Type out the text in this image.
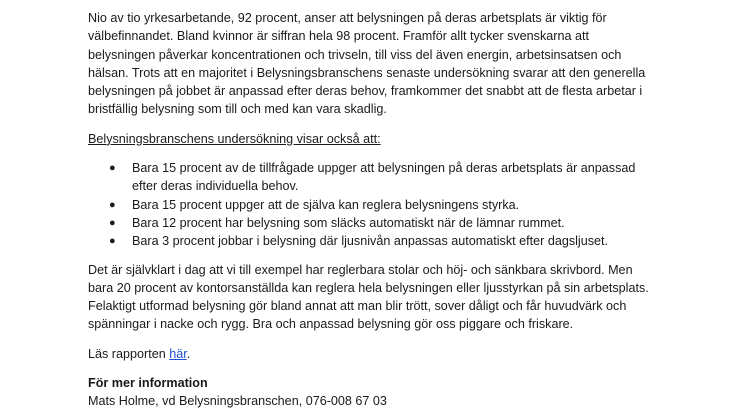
Nio av tio yrkesarbetande, 92 procent, anser att belysningen på deras arbetsplats är viktig för välbefinnandet. Bland kvinnor är siffran hela 98 procent. Framför allt tycker svenskarna att belysningen påverkar koncentrationen och trivseln, till viss del även energin, arbetsinsatsen och hälsan. Trots att en majoritet i Belysningsbranschens senaste undersökning svarar att den generella belysningen på jobbet är anpassad efter deras behov, framkommer det snabbt att de flesta arbetar i bristfällig belysning som till och med kan vara skadlig.

Belysningsbranschens undersökning visar också att:

● Bara 15 procent av de tillfrågade uppger att belysningen på deras arbetsplats är anpassad efter deras individuella behov.
● Bara 15 procent uppger att de själva kan reglera belysningens styrka.
● Bara 12 procent har belysning som släcks automatiskt när de lämnar rummet.
● Bara 3 procent jobbar i belysning där ljusnivån anpassas automatiskt efter dagsljuset.

Det är självklart i dag att vi till exempel har reglerbara stolar och höj- och sänkbara skrivbord. Men bara 20 procent av kontorsanställda kan reglera hela belysningen eller ljusstyrkan på sin arbetsplats. Felaktigt utformad belysning gör bland annat att man blir trött, sover dåligt och får huvudvärk och spänningar i nacke och rygg. Bra och anpassad belysning gör oss piggare och friskare.

Läs rapporten här.

För mer information

Mats Holme, vd Belysningsbranschen, 076-008 67 03
